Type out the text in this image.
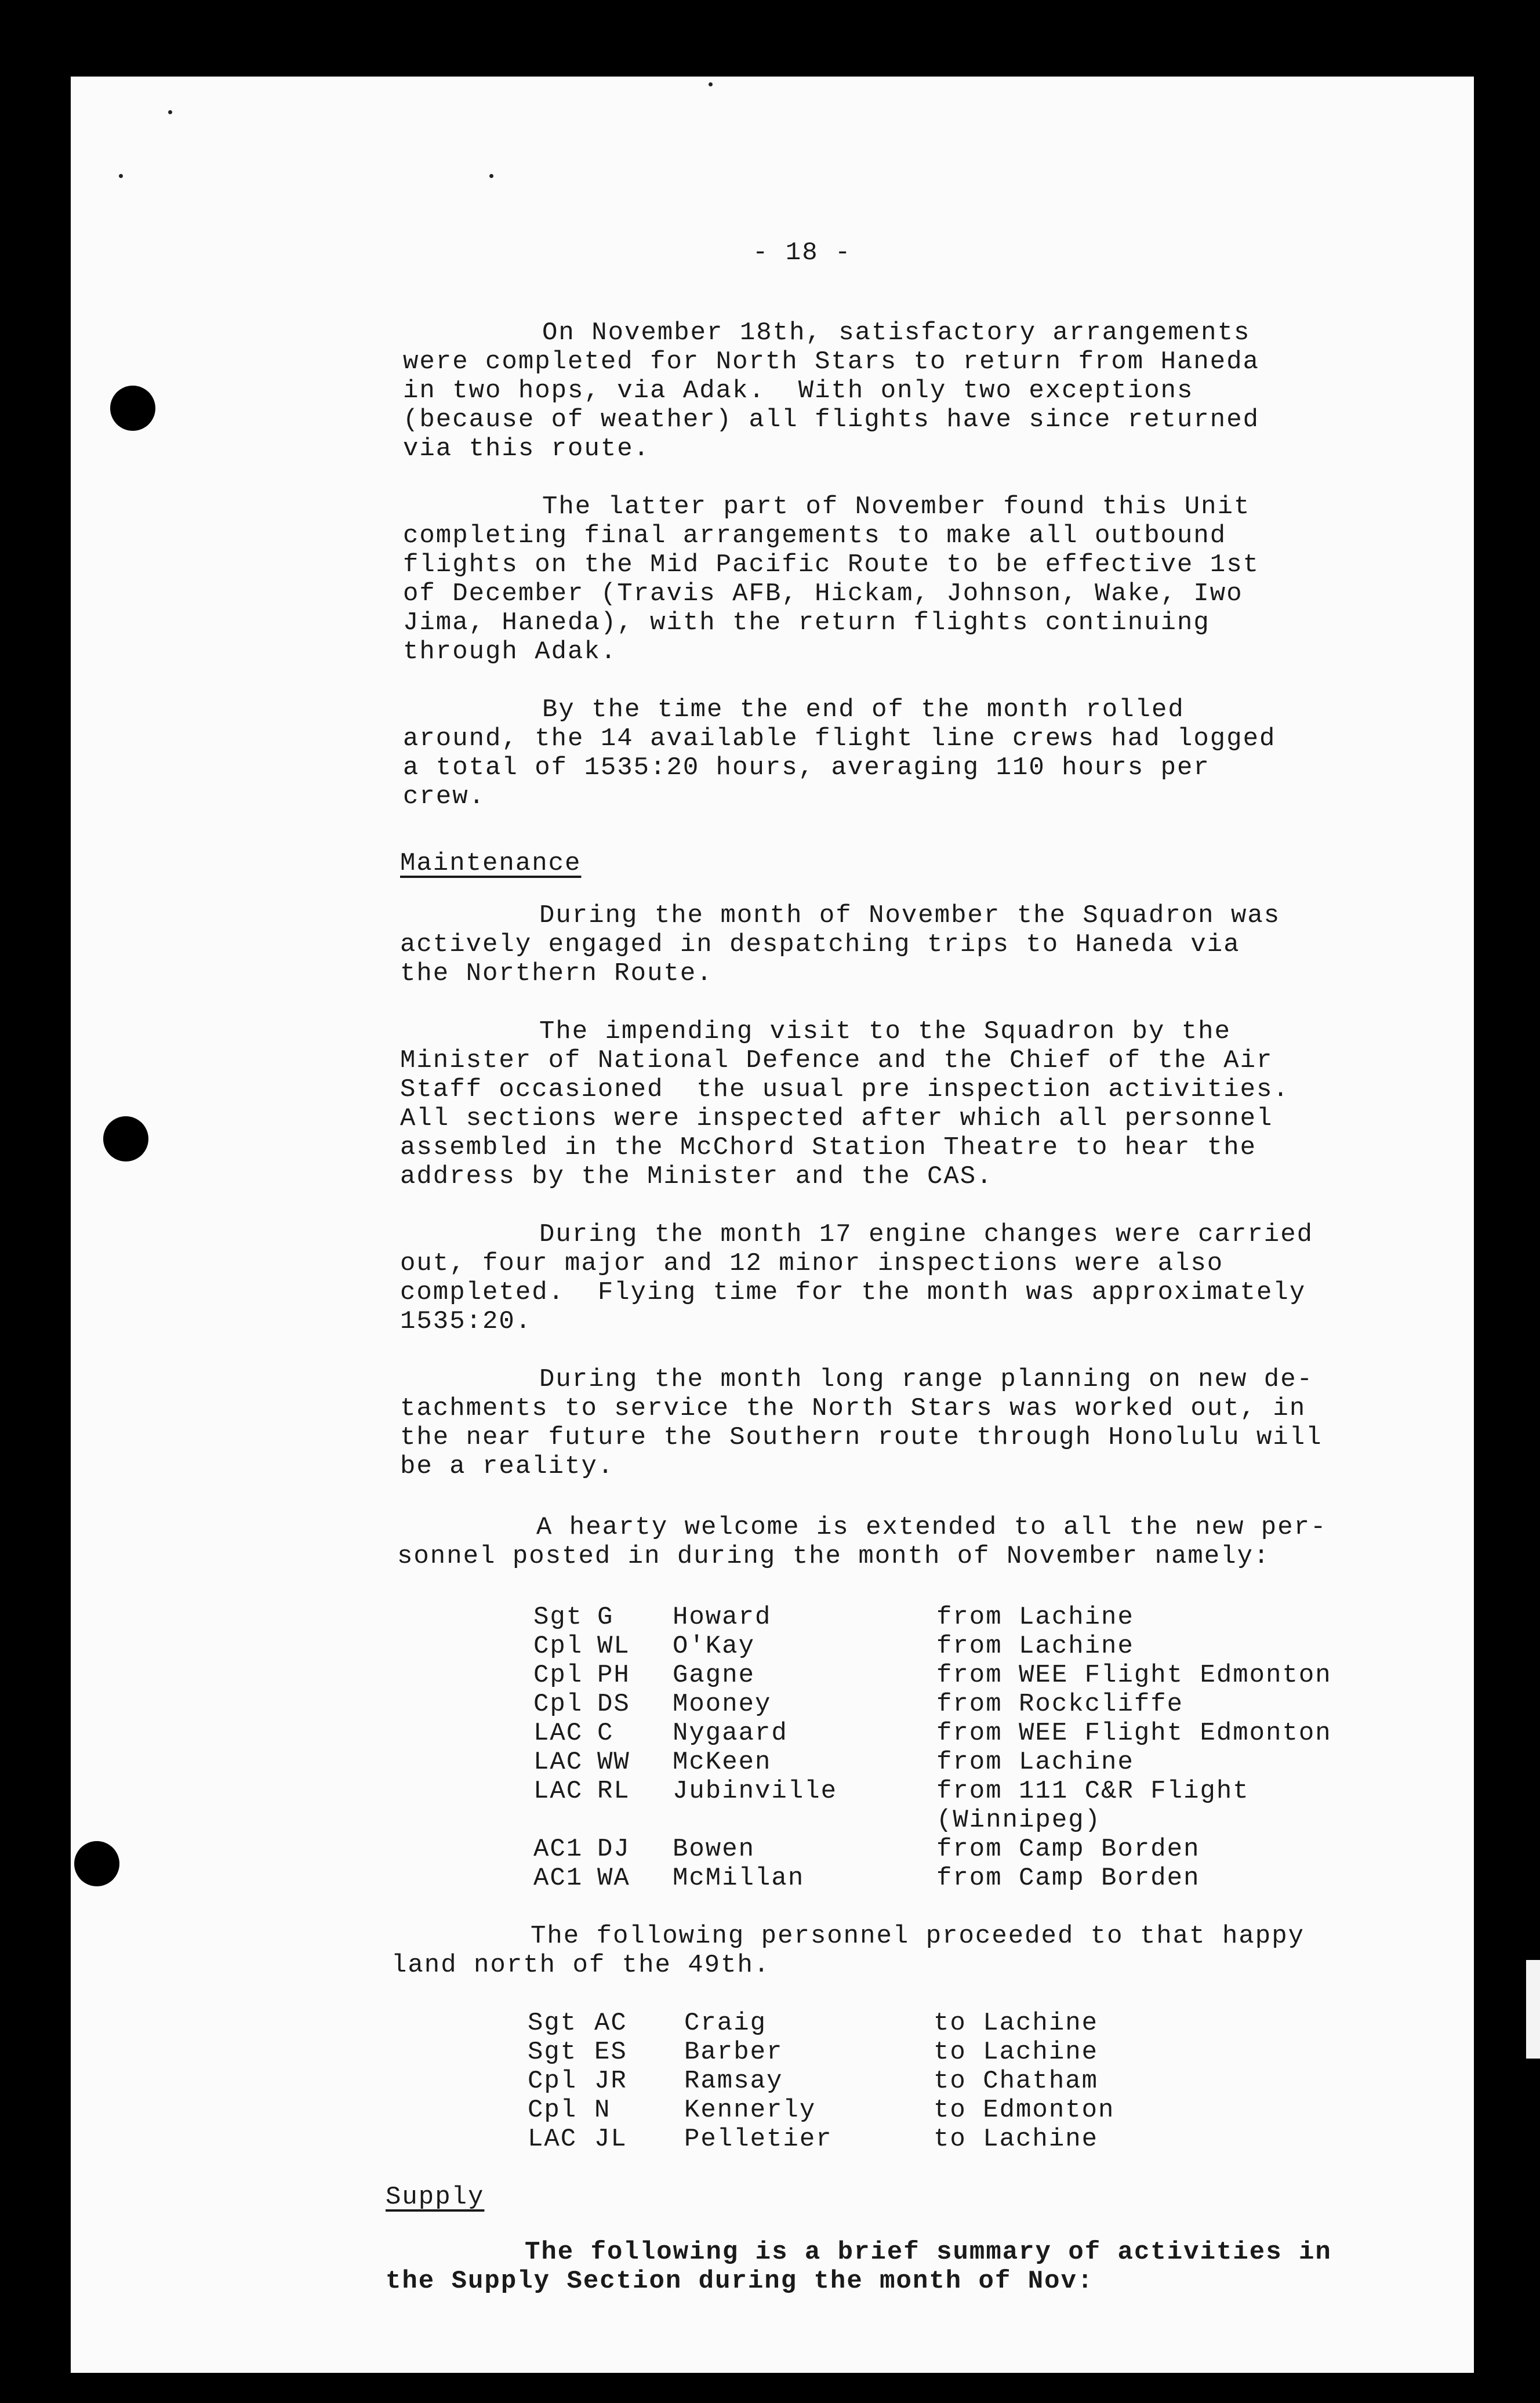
- 18 -
On November 18th, satisfactory arrangements
were completed for North Stars to return from Haneda
in two hops, via Adak.  With only two exceptions
(because of weather) all flights have since returned
via this route.
The latter part of November found this Unit
completing final arrangements to make all outbound
flights on the Mid Pacific Route to be effective 1st
of December (Travis AFB, Hickam, Johnson, Wake, Iwo
Jima, Haneda), with the return flights continuing
through Adak.
By the time the end of the month rolled
around, the 14 available flight line crews had logged
a total of 1535:20 hours, averaging 110 hours per
crew.
Maintenance
During the month of November the Squadron was
actively engaged in despatching trips to Haneda via
the Northern Route.
The impending visit to the Squadron by the
Minister of National Defence and the Chief of the Air
Staff occasioned  the usual pre inspection activities.
All sections were inspected after which all personnel
assembled in the McChord Station Theatre to hear the
address by the Minister and the CAS.
During the month 17 engine changes were carried
out, four major and 12 minor inspections were also
completed.  Flying time for the month was approximately
1535:20.
During the month long range planning on new de-
tachments to service the North Stars was worked out, in
the near future the Southern route through Honolulu will
be a reality.
A hearty welcome is extended to all the new per-
sonnel posted in during the month of November namely:
Sgt G Howard	from Lachine
Cpl WL O'Kay	from Lachine
Cpl PH Gagne	from WEE Flight Edmonton
Cpl DS Mooney	from Rockcliffe
LAC C Nygaard	from WEE Flight Edmonton
LAC WW McKeen	from Lachine
LAC RL Jubinville	from 111 C&R Flight
(Winnipeg)
AC1 DJ Bowen	from Camp Borden
AC1 WA McMillan	from Camp Borden
The following personnel proceeded to that happy
land north of the 49th.
Sgt AC Craig	to Lachine
Sgt ES Barber	to Lachine
Cpl JR Ramsay	to Chatham
Cpl N	Kennerly	to Edmonton
LAC JL Pelletier	to Lachine
Supply
The following is a brief summary of activities in
the Supply Section during the month of Nov:
